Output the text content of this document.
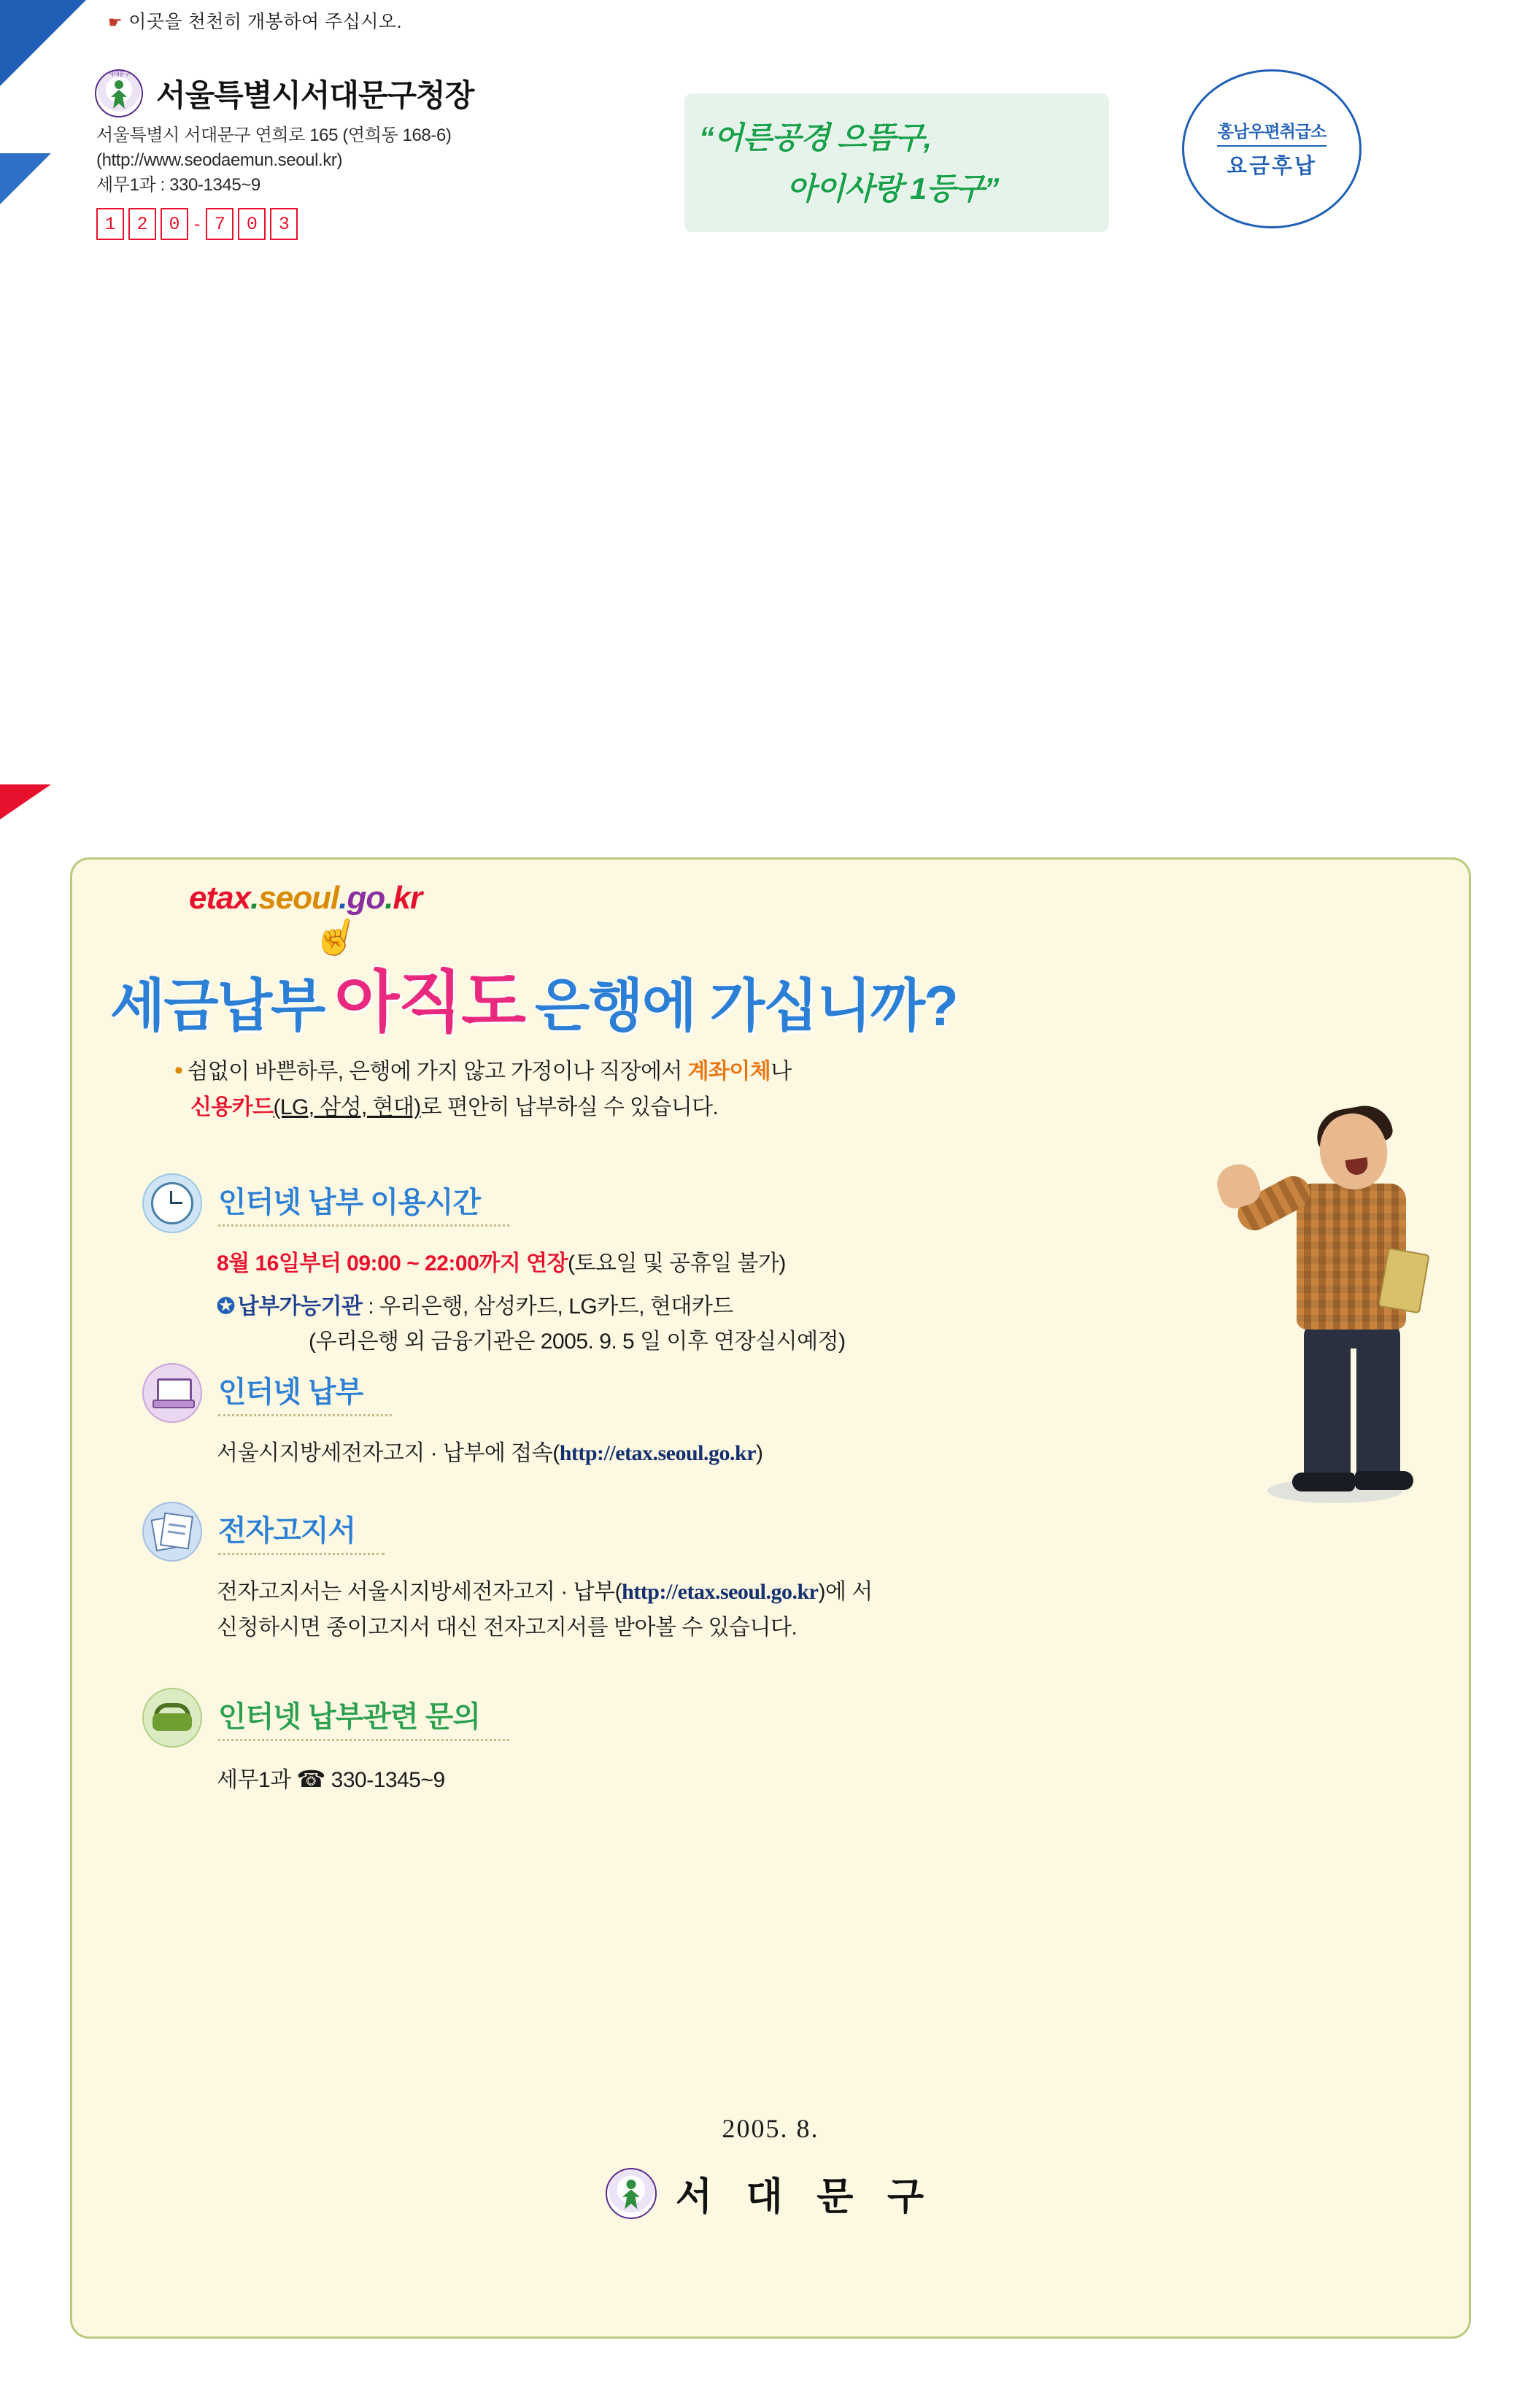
☛ 이곳을 천천히 개봉하여 주십시오.
서대문구
서울특별시서대문구청장
서울특별시 서대문구 연희로 165 (연희동 168-6)
(http://www.seodaemun.seoul.kr)
세무1과 : 330-1345~9
1	2	0 - 7	0	3
“어른공경 으뜸구,
아이사랑 1등구”
홍남우편취급소
요금후납
etax.seoul.go.kr
☝
세금납부 아직도 은행에 가십니까?
• 쉼없이 바쁜하루, 은행에 가지 않고 가정이나 직장에서 계좌이체나
신용카드(LG, 삼성, 현대)로 편안히 납부하실 수 있습니다.
인터넷 납부 이용시간
8월 16일부터 09:00 ~ 22:00까지 연장(토요일 및 공휴일 불가)
✪ 납부가능기관 : 우리은행, 삼성카드, LG카드, 현대카드
(우리은행 외 금융기관은 2005. 9. 5 일 이후 연장실시예정)
인터넷 납부
서울시지방세전자고지 · 납부에 접속(http://etax.seoul.go.kr)
전자고지서
전자고지서는 서울시지방세전자고지 · 납부(http://etax.seoul.go.kr)에 서
신청하시면 종이고지서 대신 전자고지서를 받아볼 수 있습니다.
인터넷 납부관련 문의
세무1과 ☎ 330-1345~9
2005. 8.
서 대 문 구
